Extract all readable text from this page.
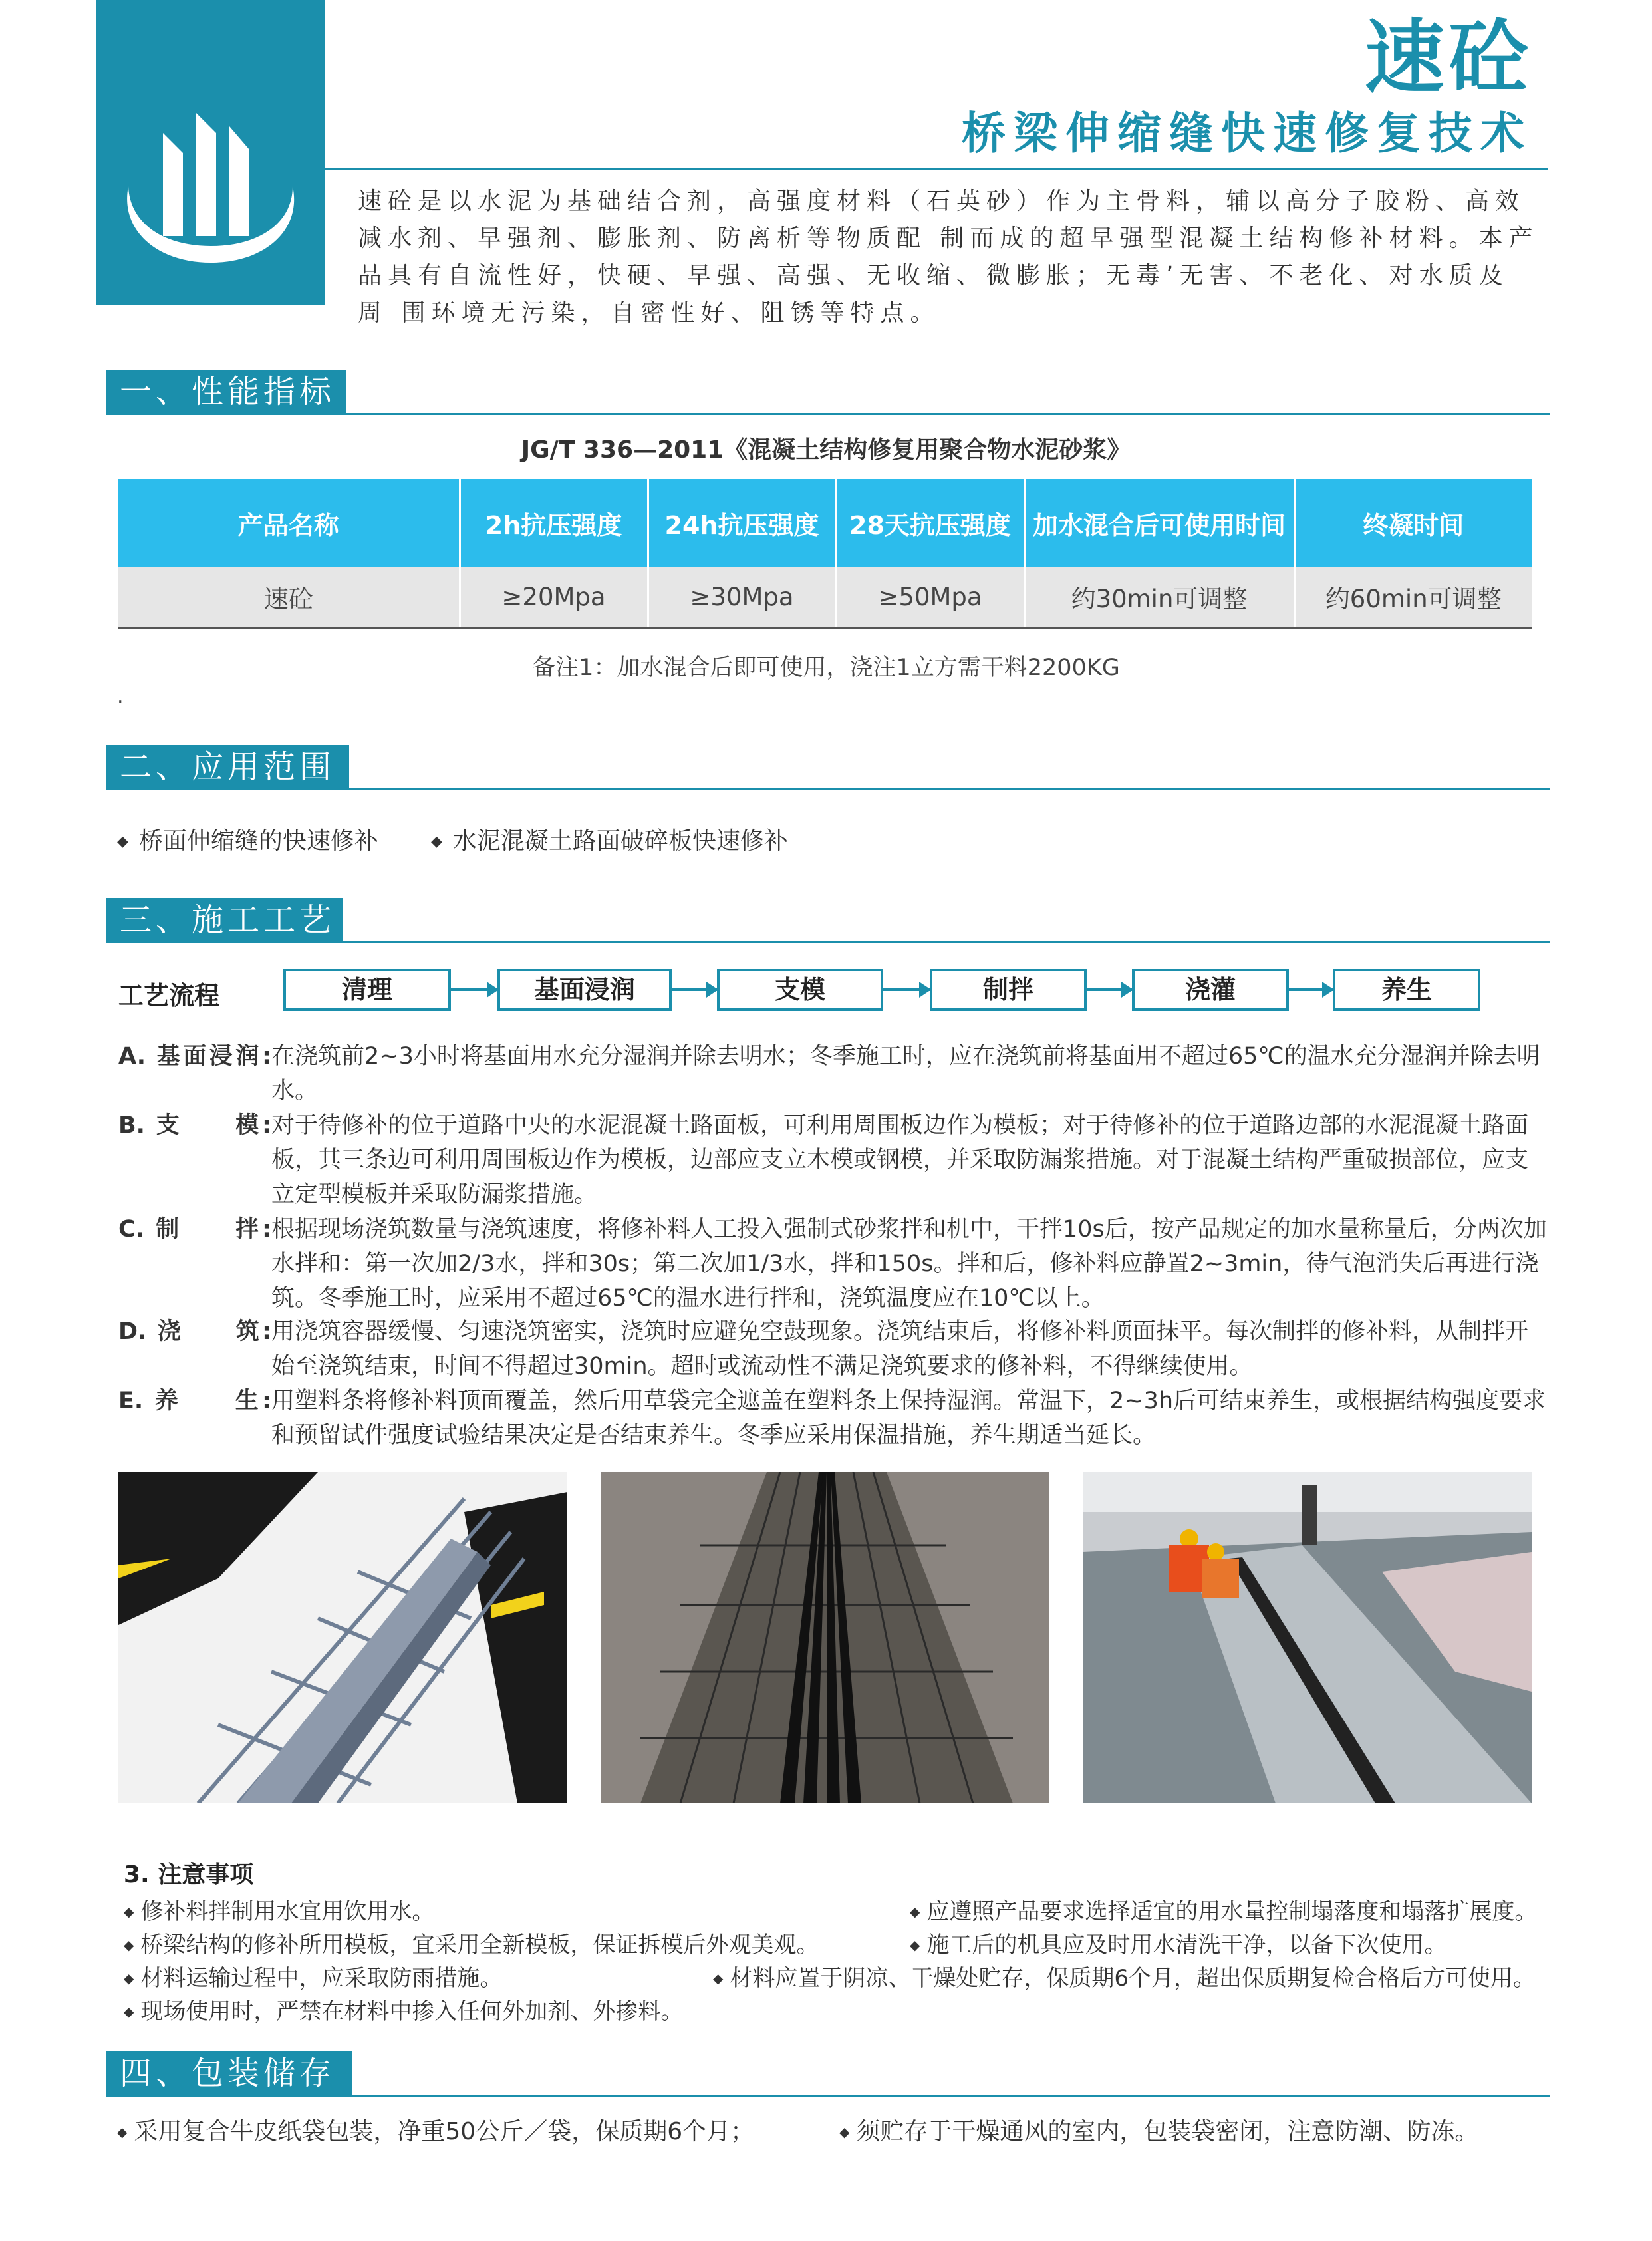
速砼
桥梁伸缩缝快速修复技术
速砼是以水泥为基础结合剂，高强度材料（石英砂）作为主骨料，辅以高分子胶粉、高效
减水剂、早强剂、膨胀剂、防离析等物质配 制而成的超早强型混凝土结构修补材料。本产
品具有自流性好，快硬、早强、高强、无收缩、微膨胀；无毒’无害、不老化、对水质及
周 围环境无污染，自密性好、阻锈等特点。
一、性能指标
JG/T 336—2011《混凝土结构修复用聚合物水泥砂浆》
产品名称	2h抗压强度	24h抗压强度	28天抗压强度	加水混合后可使用时间	终凝时间
速砼	≥20Mpa	≥30Mpa	≥50Mpa	约30min可调整	约60min可调整
备注1：加水混合后即可使用，浇注1立方需干料2200KG
.
二、应用范围
◆ 桥面伸缩缝的快速修补	◆ 水泥混凝土路面破碎板快速修补
三、施工工艺
工艺流程	清理	基面浸润	支模	制拌	浇灌	养生
A. 基面浸润: 在浇筑前2~3小时将基面用水充分湿润并除去明水；冬季施工时，应在浇筑前将基面用不超过65℃的温水充分湿润并除去明水。
B. 支　　模: 对于待修补的位于道路中央的水泥混凝土路面板，可利用周围板边作为模板；对于待修补的位于道路边部的水泥混凝土路面板，其三条边可利用周围板边作为模板，边部应支立木模或钢模，并采取防漏浆措施。对于混凝土结构严重破损部位，应支立定型模板并采取防漏浆措施。
C. 制　　拌: 根据现场浇筑数量与浇筑速度，将修补料人工投入强制式砂浆拌和机中，干拌10s后，按产品规定的加水量称量后，分两次加水拌和：第一次加2/3水，拌和30s；第二次加1/3水，拌和150s。拌和后，修补料应静置2~3min，待气泡消失后再进行浇筑。冬季施工时，应采用不超过65℃的温水进行拌和，浇筑温度应在10℃以上。
D. 浇　　筑: 用浇筑容器缓慢、匀速浇筑密实，浇筑时应避免空鼓现象。浇筑结束后，将修补料顶面抹平。每次制拌的修补料，从制拌开始至浇筑结束，时间不得超过30min。超时或流动性不满足浇筑要求的修补料，不得继续使用。
E. 养　　生: 用塑料条将修补料顶面覆盖，然后用草袋完全遮盖在塑料条上保持湿润。常温下，2~3h后可结束养生，或根据结构强度要求和预留试件强度试验结果决定是否结束养生。冬季应采用保温措施，养生期适当延长。
3. 注意事项
◆ 修补料拌制用水宜用饮用水。	◆ 应遵照产品要求选择适宜的用水量控制塌落度和塌落扩展度。
◆ 桥梁结构的修补所用模板，宜采用全新模板，保证拆模后外观美观。	◆ 施工后的机具应及时用水清洗干净，以备下次使用。
◆ 材料运输过程中，应采取防雨措施。	◆ 材料应置于阴凉、干燥处贮存，保质期6个月，超出保质期复检合格后方可使用。
◆ 现场使用时，严禁在材料中掺入任何外加剂、外掺料。
四、包装储存
◆ 采用复合牛皮纸袋包装，净重50公斤／袋，保质期6个月；	◆ 须贮存于干燥通风的室内，包装袋密闭，注意防潮、防冻。
